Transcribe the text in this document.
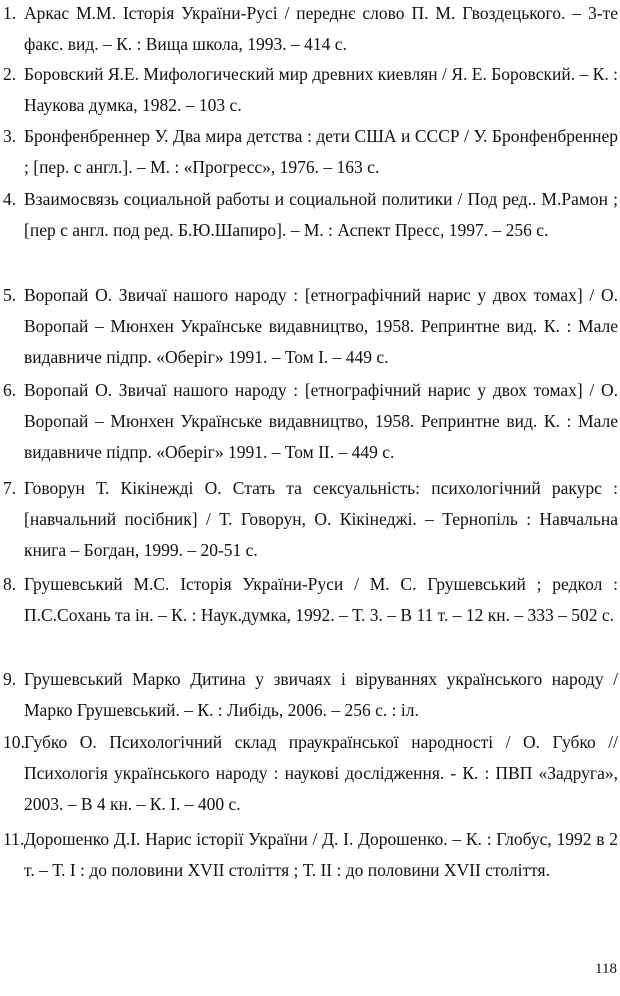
1. Аркас М.М. Історія України-Русі / переднє слово П. М. Гвоздецького. – 3-те факс. вид. – К. : Вища школа, 1993. – 414 с.
2. Боровский Я.Е. Мифологический мир древних киевлян / Я. Е. Боровский. – К. : Наукова думка, 1982. – 103 с.
3. Бронфенбреннер У. Два мира детства : дети США и СССР / У. Бронфенбреннер ; [пер. с англ.]. – М. : «Прогресс», 1976. – 163 с.
4. Взаимосвязь социальной работы и социальной политики / Под ред.. М.Рамон ; [пер с англ. под ред. Б.Ю.Шапиро]. – М. : Аспект Пресс, 1997. – 256 с.
5. Воропай О. Звичаї нашого народу : [етнографічний нарис у двох томах] / О. Воропай – Мюнхен Українське видавництво, 1958. Репринтне вид. К. : Мале видавниче підпр. «Оберіг» 1991. – Том І. – 449 с.
6. Воропай О. Звичаї нашого народу : [етнографічний нарис у двох томах] / О. Воропай – Мюнхен Українське видавництво, 1958. Репринтне вид. К. : Мале видавниче підпр. «Оберіг» 1991. – Том ІІ. – 449 с.
7. Говорун Т. Кікінежді О. Стать та сексуальність: психологічний ракурс : [навчальний посібник] / Т. Говорун, О. Кікінеджі. – Тернопіль : Навчальна книга – Богдан, 1999. – 20-51 с.
8. Грушевський М.С. Історія України-Руси / М. С. Грушевський ; редкол : П.С.Сохань та ін. – К. : Наук.думка, 1992. – Т. 3. – В 11 т. – 12 кн. – 333 – 502 с.
9. Грушевський Марко Дитина у звичаях і віруваннях українського народу / Марко Грушевський. – К. : Либідь, 2006. – 256 с. : іл.
10. Губко О. Психологічний склад праукраїнської народності / О. Губко // Психологія українського народу : наукові дослідження. - К. : ПВП «Задруга», 2003. – В 4 кн. – К. І. – 400 с.
11. Дорошенко Д.І. Нарис історії України / Д. І. Дорошенко. – К. : Глобус, 1992 в 2 т. – Т. І : до половини XVII століття ; Т. ІІ : до половини XVII століття.
118
